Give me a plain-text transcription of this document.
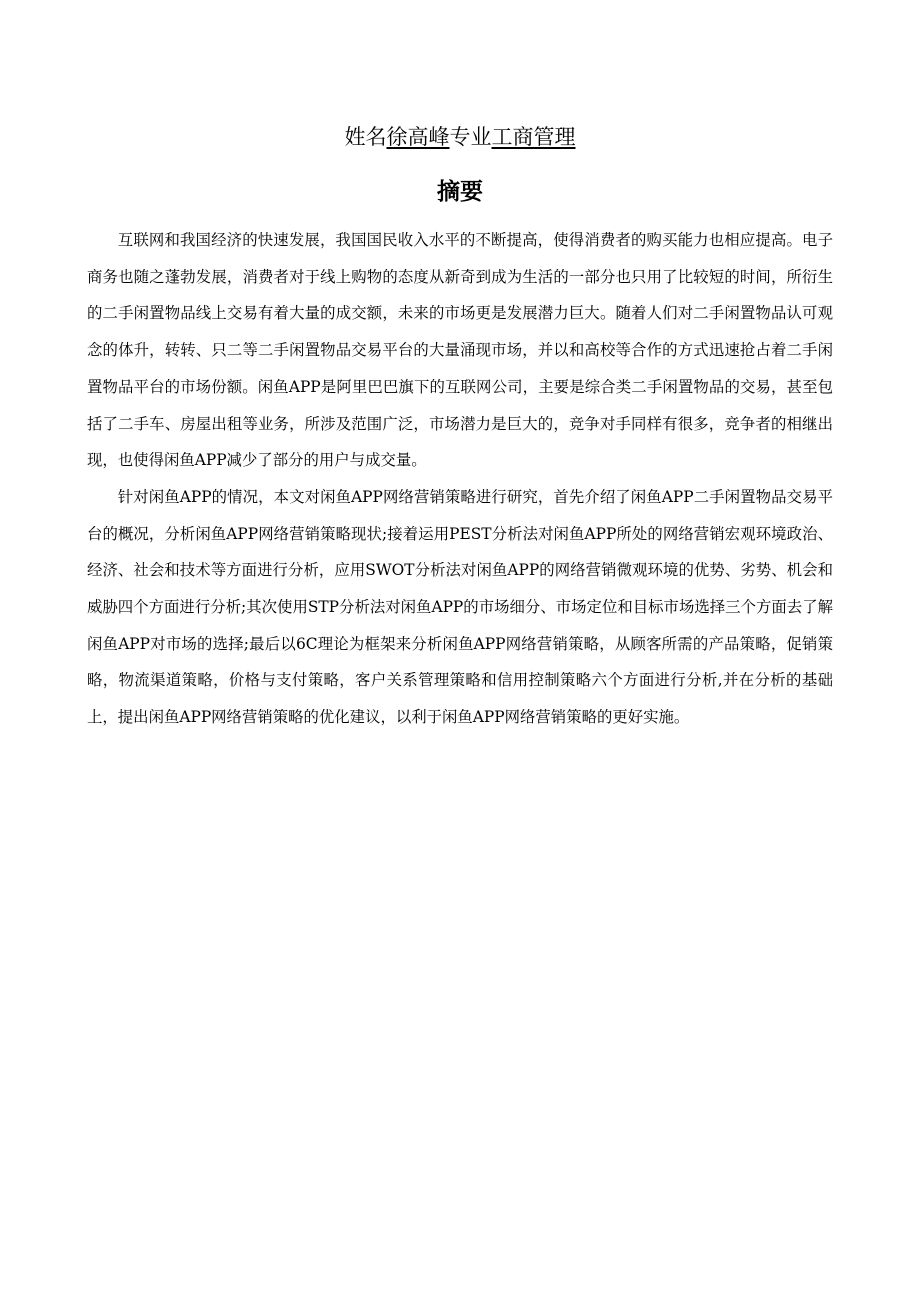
姓名徐高峰专业工商管理
摘要

互联网和我国经济的快速发展，我国国民收入水平的不断提高，使得消费者的购买能力也相应提高。电子商务也随之蓬勃发展，消费者对于线上购物的态度从新奇到成为生活的一部分也只用了比较短的时间，所衍生的二手闲置物品线上交易有着大量的成交额，未来的市场更是发展潜力巨大。随着人们对二手闲置物品认可观念的体升，转转、只二等二手闲置物品交易平台的大量涌现市场，并以和高校等合作的方式迅速抢占着二手闲置物品平台的市场份额。闲鱼APP是阿里巴巴旗下的互联网公司，主要是综合类二手闲置物品的交易，甚至包括了二手车、房屋出租等业务，所涉及范围广泛，市场潜力是巨大的，竞争对手同样有很多，竞争者的相继出现，也使得闲鱼APP减少了部分的用户与成交量。

针对闲鱼APP的情况，本文对闲鱼APP网络营销策略进行研究，首先介绍了闲鱼APP二手闲置物品交易平台的概况，分析闲鱼APP网络营销策略现状;接着运用PEST分析法对闲鱼APP所处的网络营销宏观环境政治、经济、社会和技术等方面进行分析，应用SWOT分析法对闲鱼APP的网络营销微观环境的优势、劣势、机会和威胁四个方面进行分析;其次使用STP分析法对闲鱼APP的市场细分、市场定位和目标市场选择三个方面去了解闲鱼APP对市场的选择;最后以6C理论为框架来分析闲鱼APP网络营销策略，从顾客所需的产品策略，促销策略，物流渠道策略，价格与支付策略，客户关系管理策略和信用控制策略六个方面进行分析,并在分析的基础上，提出闲鱼APP网络营销策略的优化建议，以利于闲鱼APP网络营销策略的更好实施。
